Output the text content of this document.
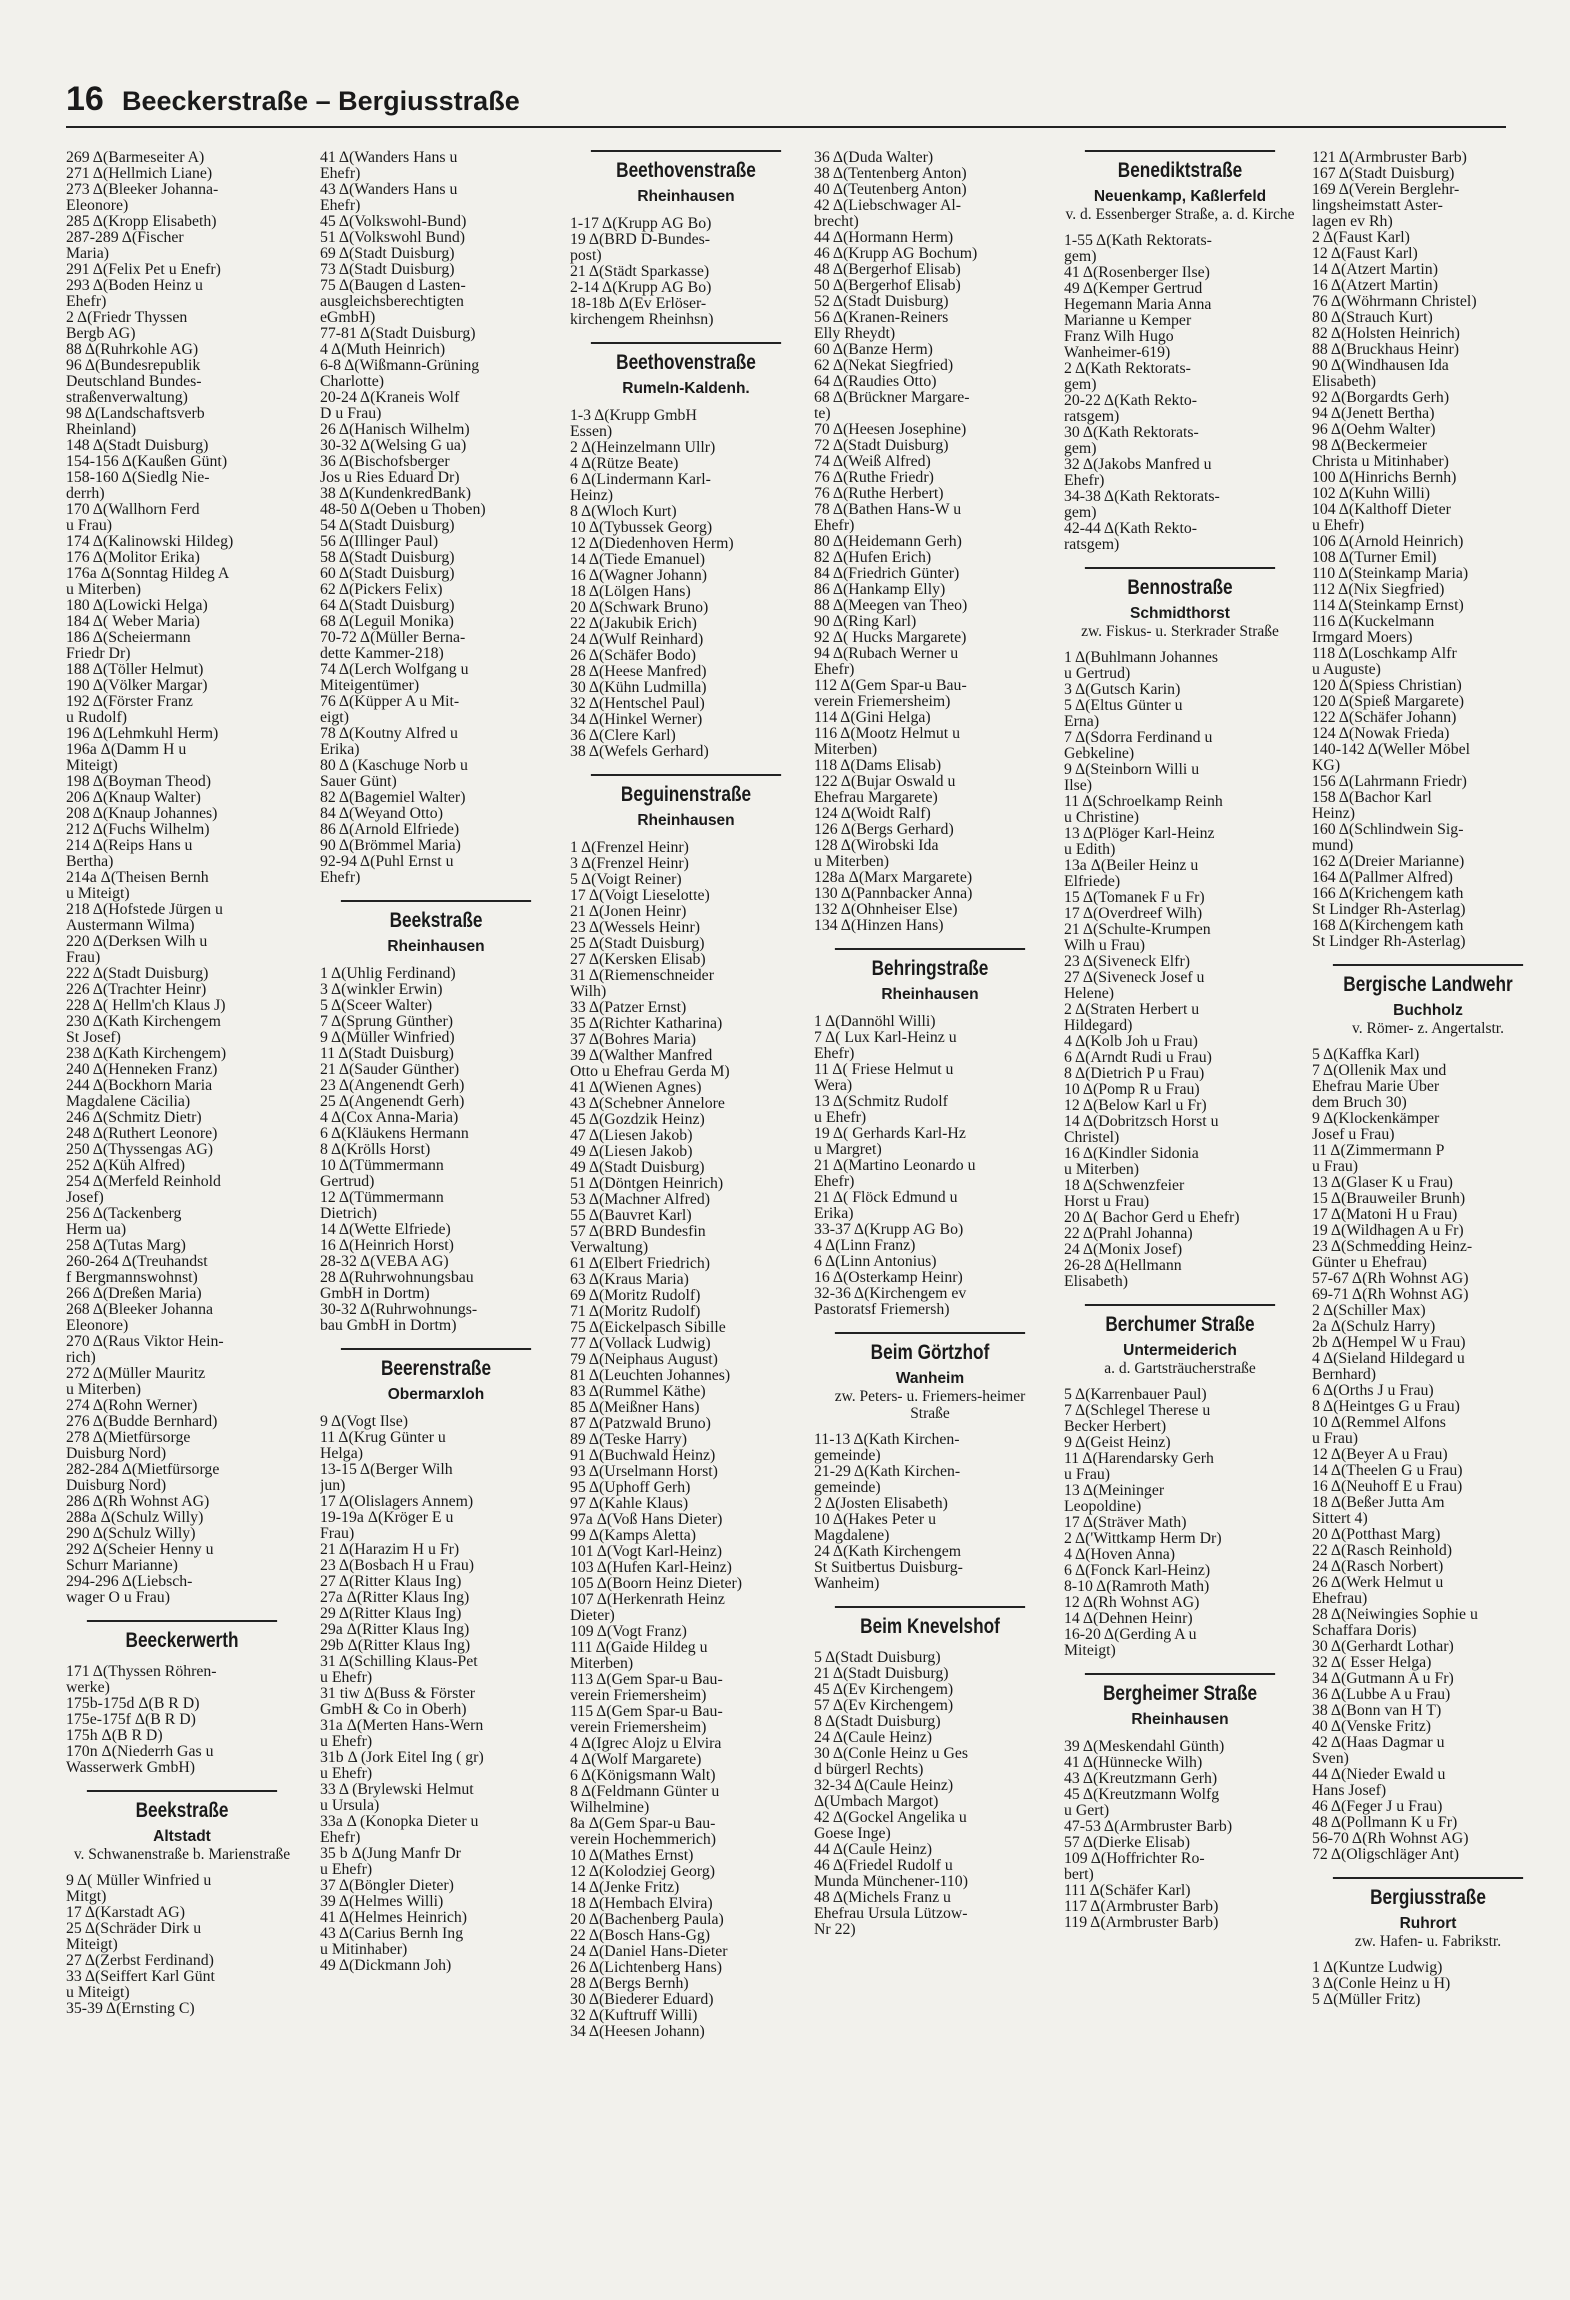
16 Beeckerstraße – Bergiusstraße
269 Δ(Barmeseiter A)
271 Δ(Hellmich Liane)
273 Δ(Bleeker Johanna-
Eleonore)
285 Δ(Kropp Elisabeth)
287-289 Δ(Fischer
Maria)
291 Δ(Felix Pet u Enefr)
293 Δ(Boden Heinz u
Ehefr)
2 Δ(Friedr Thyssen
Bergb AG)
88 Δ(Ruhrkohle AG)
96 Δ(Bundesrepublik
Deutschland Bundes-
straßenverwaltung)
98 Δ(Landschaftsverb
Rheinland)
148 Δ(Stadt Duisburg)
154-156 Δ(Kaußen Günt)
158-160 Δ(Siedlg Nie-
derrh)
170 Δ(Wallhorn Ferd
u Frau)
174 Δ(Kalinowski Hildeg)
176 Δ(Molitor Erika)
176a Δ(Sonntag Hildeg A
u Miterben)
180 Δ(Lowicki Helga)
184 Δ( Weber Maria)
186 Δ(Scheiermann
Friedr Dr)
188 Δ(Töller Helmut)
190 Δ(Völker Margar)
192 Δ(Förster Franz
u Rudolf)
196 Δ(Lehmkuhl Herm)
196a Δ(Damm H u
Miteigt)
198 Δ(Boyman Theod)
206 Δ(Knaup Walter)
208 Δ(Knaup Johannes)
212 Δ(Fuchs Wilhelm)
214 Δ(Reips Hans u
Bertha)
214a Δ(Theisen Bernh
u Miteigt)
218 Δ(Hofstede Jürgen u
Austermann Wilma)
220 Δ(Derksen Wilh u
Frau)
222 Δ(Stadt Duisburg)
226 Δ(Trachter Heinr)
228 Δ( Hellm'ch Klaus J)
230 Δ(Kath Kirchengem
St Josef)
238 Δ(Kath Kirchengem)
240 Δ(Henneken Franz)
244 Δ(Bockhorn Maria
Magdalene Cäcilia)
246 Δ(Schmitz Dietr)
248 Δ(Ruthert Leonore)
250 Δ(Thyssengas AG)
252 Δ(Küh Alfred)
254 Δ(Merfeld Reinhold
Josef)
256 Δ(Tackenberg
Herm ua)
258 Δ(Tutas Marg)
260-264 Δ(Treuhandst
f Bergmannswohnst)
266 Δ(Dreßen Maria)
268 Δ(Bleeker Johanna
Eleonore)
270 Δ(Raus Viktor Hein-
rich)
272 Δ(Müller Mauritz
u Miterben)
274 Δ(Rohn Werner)
276 Δ(Budde Bernhard)
278 Δ(Mietfürsorge
Duisburg Nord)
282-284 Δ(Mietfürsorge
Duisburg Nord)
286 Δ(Rh Wohnst AG)
288a Δ(Schulz Willy)
290 Δ(Schulz Willy)
292 Δ(Scheier Henny u
Schurr Marianne)
294-296 Δ(Liebsch-
wager O u Frau)
Beeckerwerth
171 Δ(Thyssen Röhren-
werke)
175b-175d Δ(B R D)
175e-175f Δ(B R D)
175h Δ(B R D)
170n Δ(Niederrh Gas u
Wasserwerk GmbH)
Beekstraße
Altstadt
v. Schwanenstraße b. Marienstraße
9 Δ( Müller Winfried u
Mitgt)
17 Δ(Karstadt AG)
25 Δ(Schräder Dirk u
Miteigt)
27 Δ(Zerbst Ferdinand)
33 Δ(Seiffert Karl Günt
u Miteigt)
35-39 Δ(Ernsting C)
41 Δ(Wanders Hans u
Ehefr)
43 Δ(Wanders Hans u
Ehefr)
45 Δ(Volkswohl-Bund)
51 Δ(Volkswohl Bund)
69 Δ(Stadt Duisburg)
73 Δ(Stadt Duisburg)
75 Δ(Baugen d Lasten-
ausgleichsberechtigten
eGmbH)
77-81 Δ(Stadt Duisburg)
4 Δ(Muth Heinrich)
6-8 Δ(Wißmann-Grüning
Charlotte)
20-24 Δ(Kraneis Wolf
D u Frau)
26 Δ(Hanisch Wilhelm)
30-32 Δ(Welsing G ua)
36 Δ(Bischofsberger
Jos u Ries Eduard Dr)
38 Δ(KundenkredBank)
48-50 Δ(Oeben u Thoben)
54 Δ(Stadt Duisburg)
56 Δ(Illinger Paul)
58 Δ(Stadt Duisburg)
60 Δ(Stadt Duisburg)
62 Δ(Pickers Felix)
64 Δ(Stadt Duisburg)
68 Δ(Leguil Monika)
70-72 Δ(Müller Berna-
dette Kammer-218)
74 Δ(Lerch Wolfgang u
Miteigentümer)
76 Δ(Küpper A u Mit-
eigt)
78 Δ(Koutny Alfred u
Erika)
80 Δ (Kaschuge Norb u
Sauer Günt)
82 Δ(Bagemiel Walter)
84 Δ(Weyand Otto)
86 Δ(Arnold Elfriede)
90 Δ(Brömmel Maria)
92-94 Δ(Puhl Ernst u
Ehefr)
Beekstraße
Rheinhausen
1 Δ(Uhlig Ferdinand)
3 Δ(winkler Erwin)
5 Δ(Sceer Walter)
7 Δ(Sprung Günther)
9 Δ(Müller Winfried)
11 Δ(Stadt Duisburg)
21 Δ(Sauder Günther)
23 Δ(Angenendt Gerh)
25 Δ(Angenendt Gerh)
4 Δ(Cox Anna-Maria)
6 Δ(Kläukens Hermann
8 Δ(Krölls Horst)
10 Δ(Tümmermann
Gertrud)
12 Δ(Tümmermann
Dietrich)
14 Δ(Wette Elfriede)
16 Δ(Heinrich Horst)
28-32 Δ(VEBA AG)
28 Δ(Ruhrwohnungsbau
GmbH in Dortm)
30-32 Δ(Ruhrwohnungs-
bau GmbH in Dortm)
Beerenstraße
Obermarxloh
9 Δ(Vogt Ilse)
11 Δ(Krug Günter u
Helga)
13-15 Δ(Berger Wilh
jun)
17 Δ(Olislagers Annem)
19-19a Δ(Kröger E u
Frau)
21 Δ(Harazim H u Fr)
23 Δ(Bosbach H u Frau)
27 Δ(Ritter Klaus Ing)
27a Δ(Ritter Klaus Ing)
29 Δ(Ritter Klaus Ing)
29a Δ(Ritter Klaus Ing)
29b Δ(Ritter Klaus Ing)
31 Δ(Schilling Klaus-Pet
u Ehefr)
31 tiw Δ(Buss & Förster
GmbH & Co in Oberh)
31a Δ(Merten Hans-Wern
u Ehefr)
31b Δ (Jork Eitel Ing ( gr)
u Ehefr)
33 Δ (Brylewski Helmut
u Ursula)
33a Δ (Konopka Dieter u
Ehefr)
35 b Δ(Jung Manfr Dr
u Ehefr)
37 Δ(Böngler Dieter)
39 Δ(Helmes Willi)
41 Δ(Helmes Heinrich)
43 Δ(Carius Bernh Ing
u Mitinhaber)
49 Δ(Dickmann Joh)
Beethovenstraße
Rheinhausen
1-17 Δ(Krupp AG Bo)
19 Δ(BRD D-Bundes-
post)
21 Δ(Städt Sparkasse)
2-14 Δ(Krupp AG Bo)
18-18b Δ(Ev Erlöser-
kirchengem Rheinhsn)
Beethovenstraße
Rumeln-Kaldenh.
1-3 Δ(Krupp GmbH
Essen)
2 Δ(Heinzelmann Ullr)
4 Δ(Rütze Beate)
6 Δ(Lindermann Karl-
Heinz)
8 Δ(Wloch Kurt)
10 Δ(Tybussek Georg)
12 Δ(Diedenhoven Herm)
14 Δ(Tiede Emanuel)
16 Δ(Wagner Johann)
18 Δ(Lölgen Hans)
20 Δ(Schwark Bruno)
22 Δ(Jakubik Erich)
24 Δ(Wulf Reinhard)
26 Δ(Schäfer Bodo)
28 Δ(Heese Manfred)
30 Δ(Kühn Ludmilla)
32 Δ(Hentschel Paul)
34 Δ(Hinkel Werner)
36 Δ(Clere Karl)
38 Δ(Wefels Gerhard)
Beguinenstraße
Rheinhausen
1 Δ(Frenzel Heinr)
3 Δ(Frenzel Heinr)
5 Δ(Voigt Reiner)
17 Δ(Voigt Lieselotte)
21 Δ(Jonen Heinr)
23 Δ(Wessels Heinr)
25 Δ(Stadt Duisburg)
27 Δ(Kersken Elisab)
31 Δ(Riemenschneider
Wilh)
33 Δ(Patzer Ernst)
35 Δ(Richter Katharina)
37 Δ(Bohres Maria)
39 Δ(Walther Manfred
Otto u Ehefrau Gerda M)
41 Δ(Wienen Agnes)
43 Δ(Schebner Annelore
45 Δ(Gozdzik Heinz)
47 Δ(Liesen Jakob)
49 Δ(Liesen Jakob)
49 Δ(Stadt Duisburg)
51 Δ(Döntgen Heinrich)
53 Δ(Machner Alfred)
55 Δ(Bauvret Karl)
57 Δ(BRD Bundesfin
Verwaltung)
61 Δ(Elbert Friedrich)
63 Δ(Kraus Maria)
69 Δ(Moritz Rudolf)
71 Δ(Moritz Rudolf)
75 Δ(Eickelpasch Sibille
77 Δ(Vollack Ludwig)
79 Δ(Neiphaus August)
81 Δ(Leuchten Johannes)
83 Δ(Rummel Käthe)
85 Δ(Meißner Hans)
87 Δ(Patzwald Bruno)
89 Δ(Teske Harry)
91 Δ(Buchwald Heinz)
93 Δ(Urselmann Horst)
95 Δ(Uphoff Gerh)
97 Δ(Kahle Klaus)
97a Δ(Voß Hans Dieter)
99 Δ(Kamps Aletta)
101 Δ(Vogt Karl-Heinz)
103 Δ(Hufen Karl-Heinz)
105 Δ(Boorn Heinz Dieter)
107 Δ(Herkenrath Heinz
Dieter)
109 Δ(Vogt Franz)
111 Δ(Gaide Hildeg u
Miterben)
113 Δ(Gem Spar-u Bau-
verein Friemersheim)
115 Δ(Gem Spar-u Bau-
verein Friemersheim)
4 Δ(Igrec Alojz u Elvira
4 Δ(Wolf Margarete)
6 Δ(Königsmann Walt)
8 Δ(Feldmann Günter u
Wilhelmine)
8a Δ(Gem Spar-u Bau-
verein Hochemmerich)
10 Δ(Mathes Ernst)
12 Δ(Kolodziej Georg)
14 Δ(Jenke Fritz)
18 Δ(Hembach Elvira)
20 Δ(Bachenberg Paula)
22 Δ(Bosch Hans-Gg)
24 Δ(Daniel Hans-Dieter
26 Δ(Lichtenberg Hans)
28 Δ(Bergs Bernh)
30 Δ(Biederer Eduard)
32 Δ(Kuftruff Willi)
34 Δ(Heesen Johann)
36 Δ(Duda Walter)
38 Δ(Tentenberg Anton)
40 Δ(Teutenberg Anton)
42 Δ(Liebschwager Al-
brecht)
44 Δ(Hormann Herm)
46 Δ(Krupp AG Bochum)
48 Δ(Bergerhof Elisab)
50 Δ(Bergerhof Elisab)
52 Δ(Stadt Duisburg)
56 Δ(Kranen-Reiners
Elly Rheydt)
60 Δ(Banze Herm)
62 Δ(Nekat Siegfried)
64 Δ(Raudies Otto)
68 Δ(Brückner Margare-
te)
70 Δ(Heesen Josephine)
72 Δ(Stadt Duisburg)
74 Δ(Weiß Alfred)
76 Δ(Ruthe Friedr)
76 Δ(Ruthe Herbert)
78 Δ(Bathen Hans-W u
Ehefr)
80 Δ(Heidemann Gerh)
82 Δ(Hufen Erich)
84 Δ(Friedrich Günter)
86 Δ(Hankamp Elly)
88 Δ(Meegen van Theo)
90 Δ(Ring Karl)
92 Δ( Hucks Margarete)
94 Δ(Rubach Werner u
Ehefr)
112 Δ(Gem Spar-u Bau-
verein Friemersheim)
114 Δ(Gini Helga)
116 Δ(Mootz Helmut u
Miterben)
118 Δ(Dams Elisab)
122 Δ(Bujar Oswald u
Ehefrau Margarete)
124 Δ(Woidt Ralf)
126 Δ(Bergs Gerhard)
128 Δ(Wirobski Ida
u Miterben)
128a Δ(Marx Margarete)
130 Δ(Pannbacker Anna)
132 Δ(Ohnheiser Else)
134 Δ(Hinzen Hans)
Behringstraße
Rheinhausen
1 Δ(Dannöhl Willi)
7 Δ( Lux Karl-Heinz u
Ehefr)
11 Δ( Friese Helmut u
Wera)
13 Δ(Schmitz Rudolf
u Ehefr)
19 Δ( Gerhards Karl-Hz
u Margret)
21 Δ(Martino Leonardo u
Ehefr)
21 Δ( Flöck Edmund u
Erika)
33-37 Δ(Krupp AG Bo)
4 Δ(Linn Franz)
6 Δ(Linn Antonius)
16 Δ(Osterkamp Heinr)
32-36 Δ(Kirchengem ev
Pastoratsf Friemersh)
Beim Görtzhof
Wanheim
zw. Peters- u. Friemers-heimer Straße
11-13 Δ(Kath Kirchen-
gemeinde)
21-29 Δ(Kath Kirchen-
gemeinde)
2 Δ(Josten Elisabeth)
10 Δ(Hakes Peter u
Magdalene)
24 Δ(Kath Kirchengem
St Suitbertus Duisburg-
Wanheim)
Beim Knevelshof
5 Δ(Stadt Duisburg)
21 Δ(Stadt Duisburg)
45 Δ(Ev Kirchengem)
57 Δ(Ev Kirchengem)
8 Δ(Stadt Duisburg)
24 Δ(Caule Heinz)
30 Δ(Conle Heinz u Ges
d bürgerl Rechts)
32-34 Δ(Caule Heinz)
Δ(Umbach Margot)
42 Δ(Gockel Angelika u
Goese Inge)
44 Δ(Caule Heinz)
46 Δ(Friedel Rudolf u
Munda Münchener-110)
48 Δ(Michels Franz u
Ehefrau Ursula Lützow-
Nr 22)
Benediktstraße
Neuenkamp, Kaßlerfeld
v. d. Essenberger Straße, a. d. Kirche
1-55 Δ(Kath Rektorats-
gem)
41 Δ(Rosenberger Ilse)
49 Δ(Kemper Gertrud
Hegemann Maria Anna
Marianne u Kemper
Franz Wilh Hugo
Wanheimer-619)
2 Δ(Kath Rektorats-
gem)
20-22 Δ(Kath Rekto-
ratsgem)
30 Δ(Kath Rektorats-
gem)
32 Δ(Jakobs Manfred u
Ehefr)
34-38 Δ(Kath Rektorats-
gem)
42-44 Δ(Kath Rekto-
ratsgem)
Bennostraße
Schmidthorst
zw. Fiskus- u. Sterkrader Straße
1 Δ(Buhlmann Johannes
u Gertrud)
3 Δ(Gutsch Karin)
5 Δ(Eltus Günter u
Erna)
7 Δ(Sdorra Ferdinand u
Gebkeline)
9 Δ(Steinborn Willi u
Ilse)
11 Δ(Schroelkamp Reinh
u Christine)
13 Δ(Plöger Karl-Heinz
u Edith)
13a Δ(Beiler Heinz u
Elfriede)
15 Δ(Tomanek F u Fr)
17 Δ(Overdreef Wilh)
21 Δ(Schulte-Krumpen
Wilh u Frau)
23 Δ(Siveneck Elfr)
27 Δ(Siveneck Josef u
Helene)
2 Δ(Straten Herbert u
Hildegard)
4 Δ(Kolb Joh u Frau)
6 Δ(Arndt Rudi u Frau)
8 Δ(Dietrich P u Frau)
10 Δ(Pomp R u Frau)
12 Δ(Below Karl u Fr)
14 Δ(Dobritzsch Horst u
Christel)
16 Δ(Kindler Sidonia
u Miterben)
18 Δ(Schwenzfeier
Horst u Frau)
20 Δ( Bachor Gerd u Ehefr)
22 Δ(Prahl Johanna)
24 Δ(Monix Josef)
26-28 Δ(Hellmann
Elisabeth)
Berchumer Straße
Untermeiderich
a. d. Gartsträucherstraße
5 Δ(Karrenbauer Paul)
7 Δ(Schlegel Therese u
Becker Herbert)
9 Δ(Geist Heinz)
11 Δ(Harendarsky Gerh
u Frau)
13 Δ(Meininger
Leopoldine)
17 Δ(Sträver Math)
2 Δ('Wittkamp Herm Dr)
4 Δ(Hoven Anna)
6 Δ(Fonck Karl-Heinz)
8-10 Δ(Ramroth Math)
12 Δ(Rh Wohnst AG)
14 Δ(Dehnen Heinr)
16-20 Δ(Gerding A u
Miteigt)
Bergheimer Straße
Rheinhausen
39 Δ(Meskendahl Günth)
41 Δ(Hünnecke Wilh)
43 Δ(Kreutzmann Gerh)
45 Δ(Kreutzmann Wolfg
u Gert)
47-53 Δ(Armbruster Barb)
57 Δ(Dierke Elisab)
109 Δ(Hoffrichter Ro-
bert)
111 Δ(Schäfer Karl)
117 Δ(Armbruster Barb)
119 Δ(Armbruster Barb)
121 Δ(Armbruster Barb)
167 Δ(Stadt Duisburg)
169 Δ(Verein Berglehr-
lingsheimstatt Aster-
lagen ev Rh)
2 Δ(Faust Karl)
12 Δ(Faust Karl)
14 Δ(Atzert Martin)
16 Δ(Atzert Martin)
76 Δ(Wöhrmann Christel)
80 Δ(Strauch Kurt)
82 Δ(Holsten Heinrich)
88 Δ(Bruckhaus Heinr)
90 Δ(Windhausen Ida
Elisabeth)
92 Δ(Borgardts Gerh)
94 Δ(Jenett Bertha)
96 Δ(Oehm Walter)
98 Δ(Beckermeier
Christa u Mitinhaber)
100 Δ(Hinrichs Bernh)
102 Δ(Kuhn Willi)
104 Δ(Kalthoff Dieter
u Ehefr)
106 Δ(Arnold Heinrich)
108 Δ(Turner Emil)
110 Δ(Steinkamp Maria)
112 Δ(Nix Siegfried)
114 Δ(Steinkamp Ernst)
116 Δ(Kuckelmann
Irmgard Moers)
118 Δ(Loschkamp Alfr
u Auguste)
120 Δ(Spiess Christian)
120 Δ(Spieß Margarete)
122 Δ(Schäfer Johann)
124 Δ(Nowak Frieda)
140-142 Δ(Weller Möbel
KG)
156 Δ(Lahrmann Friedr)
158 Δ(Bachor Karl
Heinz)
160 Δ(Schlindwein Sig-
mund)
162 Δ(Dreier Marianne)
164 Δ(Pallmer Alfred)
166 Δ(Krichengem kath
St Lindger Rh-Asterlag)
168 Δ(Kirchengem kath
St Lindger Rh-Asterlag)
Bergische Landwehr
Buchholz
v. Römer- z. Angertalstr.
5 Δ(Kaffka Karl)
7 Δ(Ollenik Max und
Ehefrau Marie Über
dem Bruch 30)
9 Δ(Klockenkämper
Josef u Frau)
11 Δ(Zimmermann P
u Frau)
13 Δ(Glaser K u Frau)
15 Δ(Brauweiler Brunh)
17 Δ(Matoni H u Frau)
19 Δ(Wildhagen A u Fr)
23 Δ(Schmedding Heinz-
Günter u Ehefrau)
57-67 Δ(Rh Wohnst AG)
69-71 Δ(Rh Wohnst AG)
2 Δ(Schiller Max)
2a Δ(Schulz Harry)
2b Δ(Hempel W u Frau)
4 Δ(Sieland Hildegard u
Bernhard)
6 Δ(Orths J u Frau)
8 Δ(Heintges G u Frau)
10 Δ(Remmel Alfons
u Frau)
12 Δ(Beyer A u Frau)
14 Δ(Theelen G u Frau)
16 Δ(Neuhoff E u Frau)
18 Δ(Beßer Jutta Am
Sittert 4)
20 Δ(Potthast Marg)
22 Δ(Rasch Reinhold)
24 Δ(Rasch Norbert)
26 Δ(Werk Helmut u
Ehefrau)
28 Δ(Neiwingies Sophie u
Schaffara Doris)
30 Δ(Gerhardt Lothar)
32 Δ( Esser Helga)
34 Δ(Gutmann A u Fr)
36 Δ(Lubbe A u Frau)
38 Δ(Bonn van H T)
40 Δ(Venske Fritz)
42 Δ(Haas Dagmar u
Sven)
44 Δ(Nieder Ewald u
Hans Josef)
46 Δ(Feger J u Frau)
48 Δ(Pollmann K u Fr)
56-70 Δ(Rh Wohnst AG)
72 Δ(Oligschläger Ant)
Bergiusstraße
Ruhrort
zw. Hafen- u. Fabrikstr.
1 Δ(Kuntze Ludwig)
3 Δ(Conle Heinz u H)
5 Δ(Müller Fritz)
